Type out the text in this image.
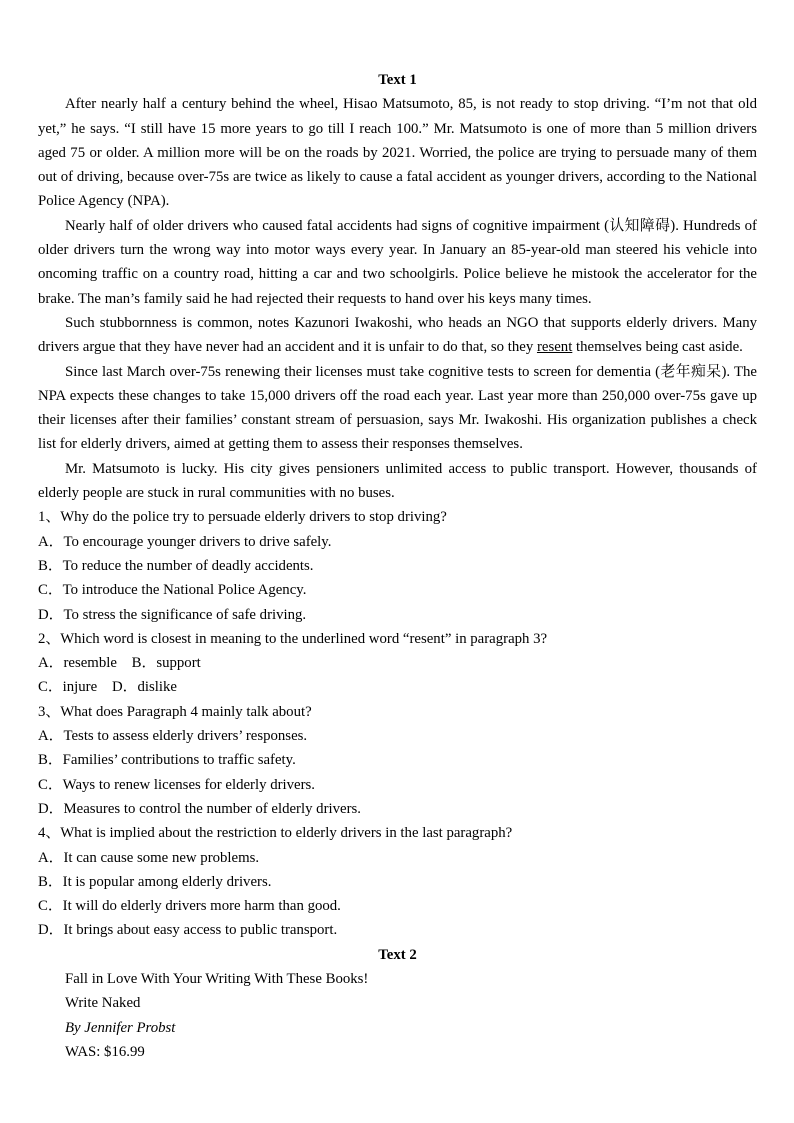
Text 1

After nearly half a century behind the wheel, Hisao Matsumoto, 85, is not ready to stop driving. “I’m not that old yet,” he says. “I still have 15 more years to go till I reach 100.” Mr. Matsumoto is one of more than 5 million drivers aged 75 or older. A million more will be on the roads by 2021. Worried, the police are trying to persuade many of them out of driving, because over-75s are twice as likely to cause a fatal accident as younger drivers, according to the National Police Agency (NPA).

Nearly half of older drivers who caused fatal accidents had signs of cognitive impairment (认知障碍). Hundreds of older drivers turn the wrong way into motor ways every year. In January an 85-year-old man steered his vehicle into oncoming traffic on a country road, hitting a car and two schoolgirls. Police believe he mistook the accelerator for the brake. The man’s family said he had rejected their requests to hand over his keys many times.

Such stubbornness is common, notes Kazunori Iwakoshi, who heads an NGO that supports elderly drivers. Many drivers argue that they have never had an accident and it is unfair to do that, so they resent themselves being cast aside.

Since last March over-75s renewing their licenses must take cognitive tests to screen for dementia (老年痴呆). The NPA expects these changes to take 15,000 drivers off the road each year. Last year more than 250,000 over-75s gave up their licenses after their families’ constant stream of persuasion, says Mr. Iwakoshi. His organization publishes a check list for elderly drivers, aimed at getting them to assess their responses themselves.

Mr. Matsumoto is lucky. His city gives pensioners unlimited access to public transport. However, thousands of elderly people are stuck in rural communities with no buses.

1、Why do the police try to persuade elderly drivers to stop driving?

A．To encourage younger drivers to drive safely.

B．To reduce the number of deadly accidents.

C．To introduce the National Police Agency.

D．To stress the significance of safe driving.

2、Which word is closest in meaning to the underlined word “resent” in paragraph 3?

A．resemble　B．support

C．injure　D．dislike

3、What does Paragraph 4 mainly talk about?

A．Tests to assess elderly drivers’ responses.

B．Families’ contributions to traffic safety.

C．Ways to renew licenses for elderly drivers.

D．Measures to control the number of elderly drivers.

4、What is implied about the restriction to elderly drivers in the last paragraph?

A．It can cause some new problems.

B．It is popular among elderly drivers.

C．It will do elderly drivers more harm than good.

D．It brings about easy access to public transport.

Text 2

Fall in Love With Your Writing With These Books!

Write Naked

By Jennifer Probst

WAS: $16.99
